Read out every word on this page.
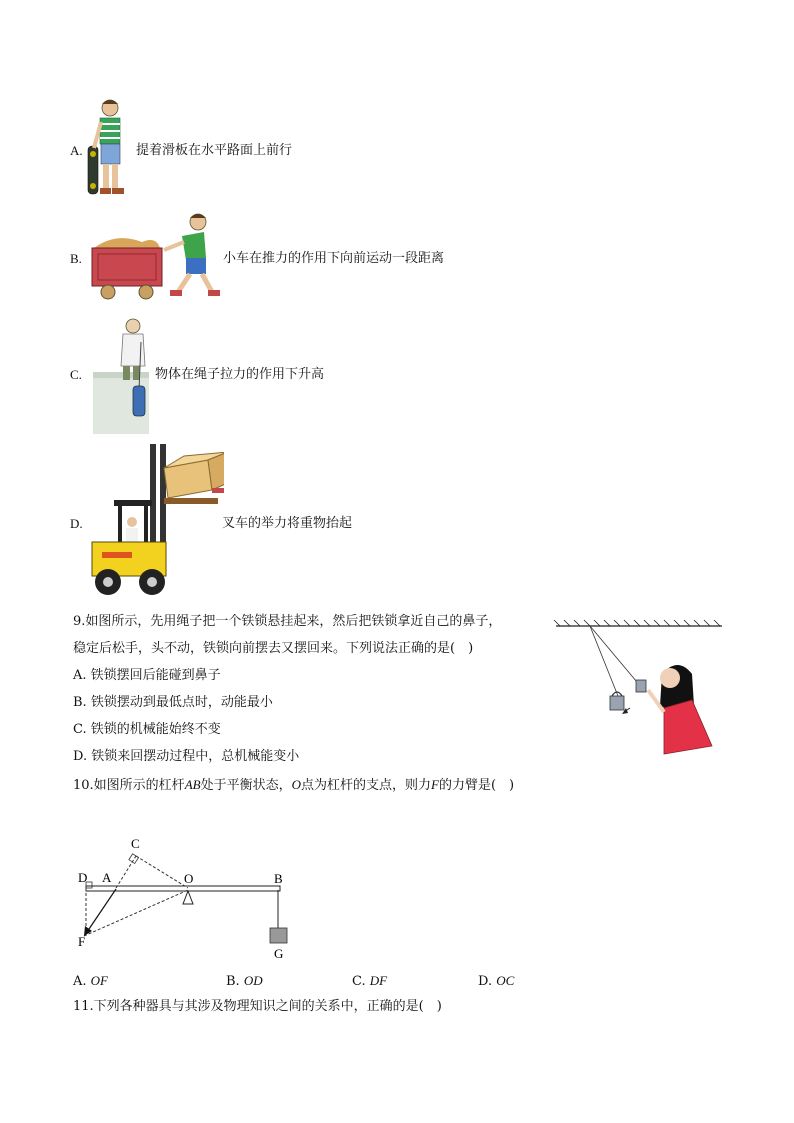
A.	提着滑板在水平路面上前行
B.	小车在推力的作用下向前运动一段距离
C.	物体在绳子拉力的作用下升高
D.	叉车的举力将重物抬起
9.如图所示，先用绳子把一个铁锁悬挂起来，然后把铁锁拿近自己的鼻子，
稳定后松手，头不动，铁锁向前摆去又摆回来。下列说法正确的是(　)
A. 铁锁摆回后能碰到鼻子
B. 铁锁摆动到最低点时，动能最小
C. 铁锁的机械能始终不变
D. 铁锁来回摆动过程中，总机械能变小
10.如图所示的杠杆AB处于平衡状态，O点为杠杆的支点，则力F的力臂是(　)
C
D A	O	B
F
G
A. OF	B. OD	C. DF	D. OC
11.下列各种器具与其涉及物理知识之间的关系中，正确的是(　)
